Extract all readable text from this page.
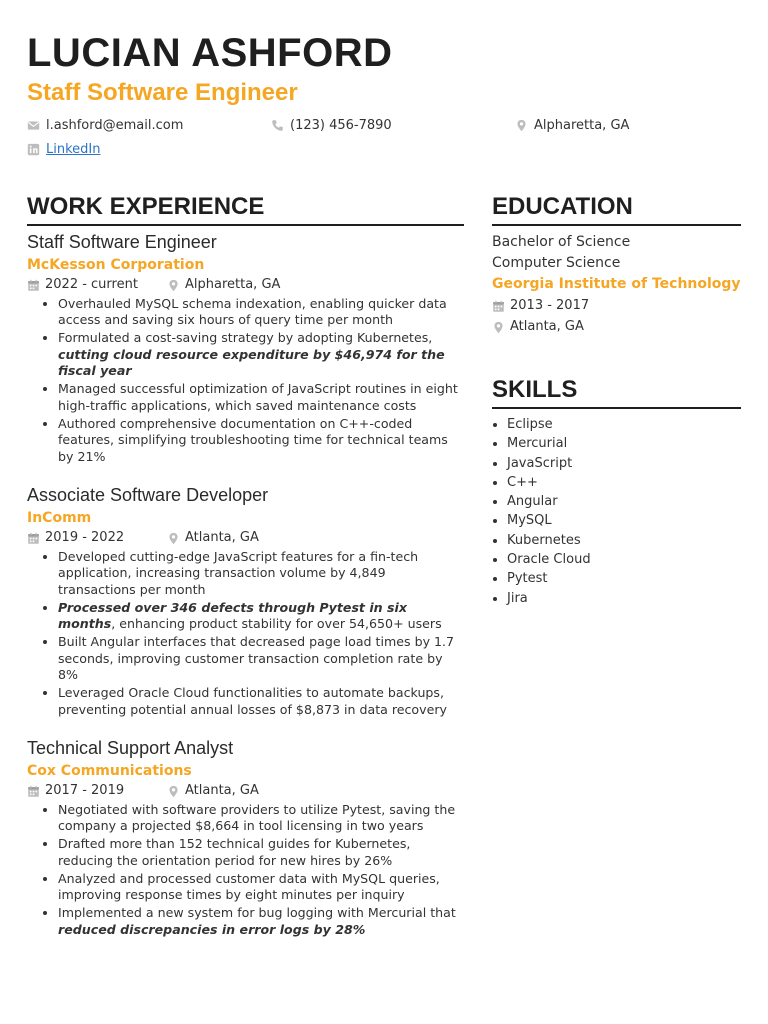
LUCIAN ASHFORD
Staff Software Engineer
l.ashford@email.com	(123) 456-7890	Alpharetta, GA
LinkedIn
WORK EXPERIENCE
Staff Software Engineer
McKesson Corporation
2022 - current	Alpharetta, GA
• Overhauled MySQL schema indexation, enabling quicker data access and saving six hours of query time per month
• Formulated a cost-saving strategy by adopting Kubernetes, cutting cloud resource expenditure by $46,974 for the fiscal year
• Managed successful optimization of JavaScript routines in eight high-traffic applications, which saved maintenance costs
• Authored comprehensive documentation on C++-coded features, simplifying troubleshooting time for technical teams by 21%
Associate Software Developer
InComm
2019 - 2022	Atlanta, GA
• Developed cutting-edge JavaScript features for a fin-tech application, increasing transaction volume by 4,849 transactions per month
• Processed over 346 defects through Pytest in six months, enhancing product stability for over 54,650+ users
• Built Angular interfaces that decreased page load times by 1.7 seconds, improving customer transaction completion rate by 8%
• Leveraged Oracle Cloud functionalities to automate backups, preventing potential annual losses of $8,873 in data recovery
Technical Support Analyst
Cox Communications
2017 - 2019	Atlanta, GA
• Negotiated with software providers to utilize Pytest, saving the company a projected $8,664 in tool licensing in two years
• Drafted more than 152 technical guides for Kubernetes, reducing the orientation period for new hires by 26%
• Analyzed and processed customer data with MySQL queries, improving response times by eight minutes per inquiry
• Implemented a new system for bug logging with Mercurial that reduced discrepancies in error logs by 28%
EDUCATION
Bachelor of Science
Computer Science
Georgia Institute of Technology
2013 - 2017
Atlanta, GA
SKILLS
• Eclipse
• Mercurial
• JavaScript
• C++
• Angular
• MySQL
• Kubernetes
• Oracle Cloud
• Pytest
• Jira
